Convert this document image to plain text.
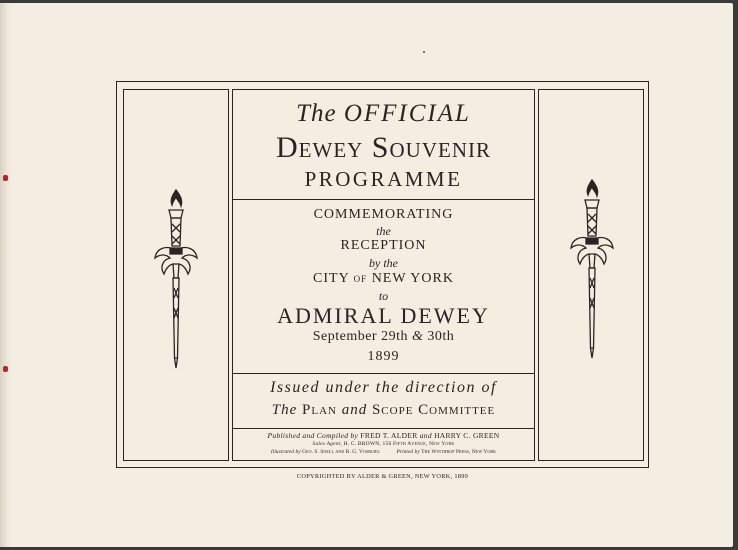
The OFFICIAL
Dewey Souvenir
PROGRAMME
COMMEMORATING
the
RECEPTION
by the
CITY OF NEW YORK
to
ADMIRAL DEWEY
September 29th & 30th
1899
Issued under the direction of
The Plan and Scope Committee
Published and Compiled by FRED T. ALDER and HARRY C. GREEN
Sales Agent, H. C. BROWN, 156 Fifth Avenue, New York
Illustrated by Geo. S. Snell and R. G. Vosburg	Printed by The Winthrop Press, New York
COPYRIGHTED BY ALDER & GREEN, NEW YORK, 1899
